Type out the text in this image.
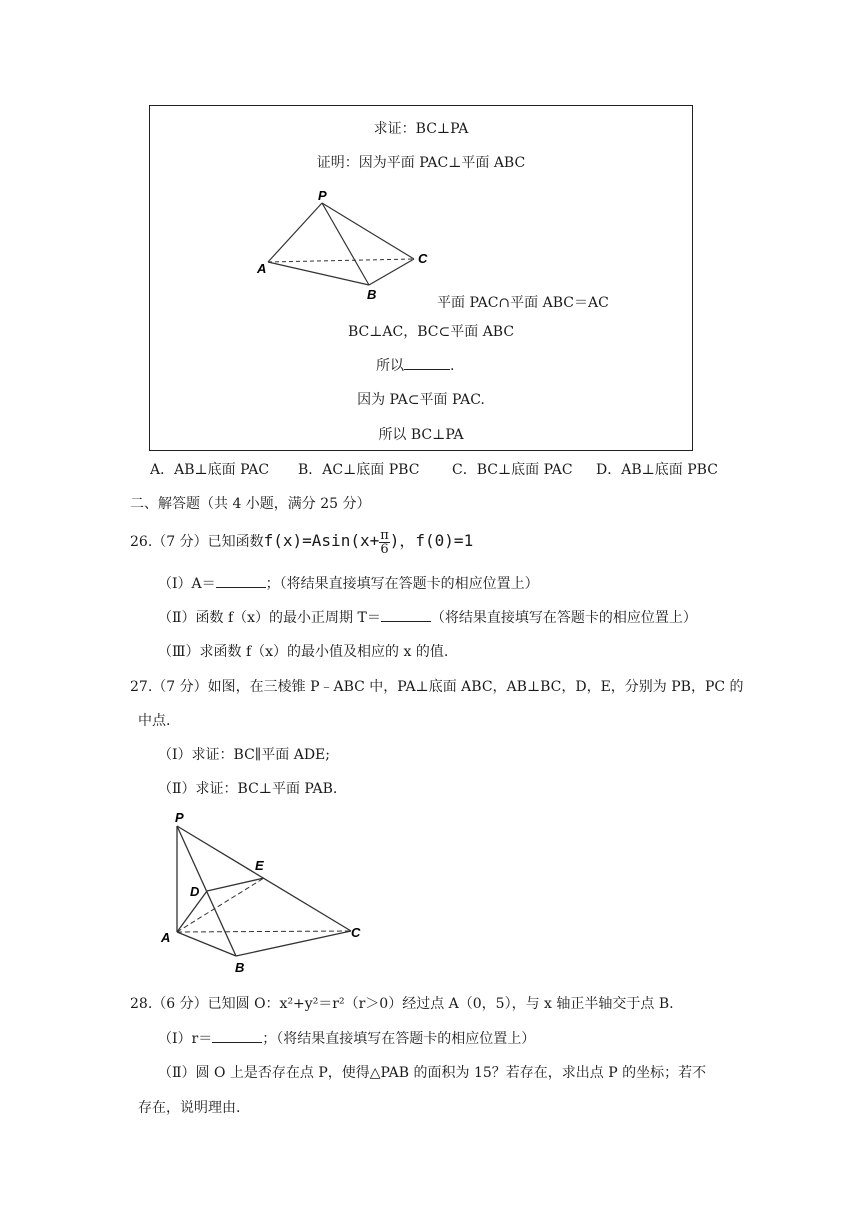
求证：BC⊥PA
证明：因为平面 PAC⊥平面 ABC
P
A
B
C
平面 PAC∩平面 ABC＝AC
BC⊥AC，BC⊂平面 ABC
所以	.
因为 PA⊂平面 PAC.
所以 BC⊥PA
A．AB⊥底面 PAC B．AC⊥底面 PBC C．BC⊥底面 PAC D．AB⊥底面 PBC
二、解答题（共 4 小题，满分 25 分）
26.（7 分）已知函数$f(x)=Asin(x+ \frac{\pi}{6}$ )，f(0)=1
（Ⅰ）A＝	；（将结果直接填写在答题卡的相应位置上）
（Ⅱ）函数 f（x）的最小正周期 T＝	（将结果直接填写在答题卡的相应位置上）
（Ⅲ）求函数 f（x）的最小值及相应的 x 的值.
27.（7 分）如图，在三棱锥 P﹣ABC 中，PA⊥底面 ABC，AB⊥BC，D，E，分别为 PB，PC 的
中点.
（Ⅰ）求证：BC∥平面 ADE;
（Ⅱ）求证：BC⊥平面 PAB.
P
A
B
C
D
E
28.（6 分）已知圆 O：x²+y²＝r²（r＞0）经过点 A（0，5），与 x 轴正半轴交于点 B.
（Ⅰ）r＝	；（将结果直接填写在答题卡的相应位置上）
（Ⅱ）圆 O 上是否存在点 P，使得△PAB 的面积为 15？若存在，求出点 P 的坐标；若不
存在，说明理由.
